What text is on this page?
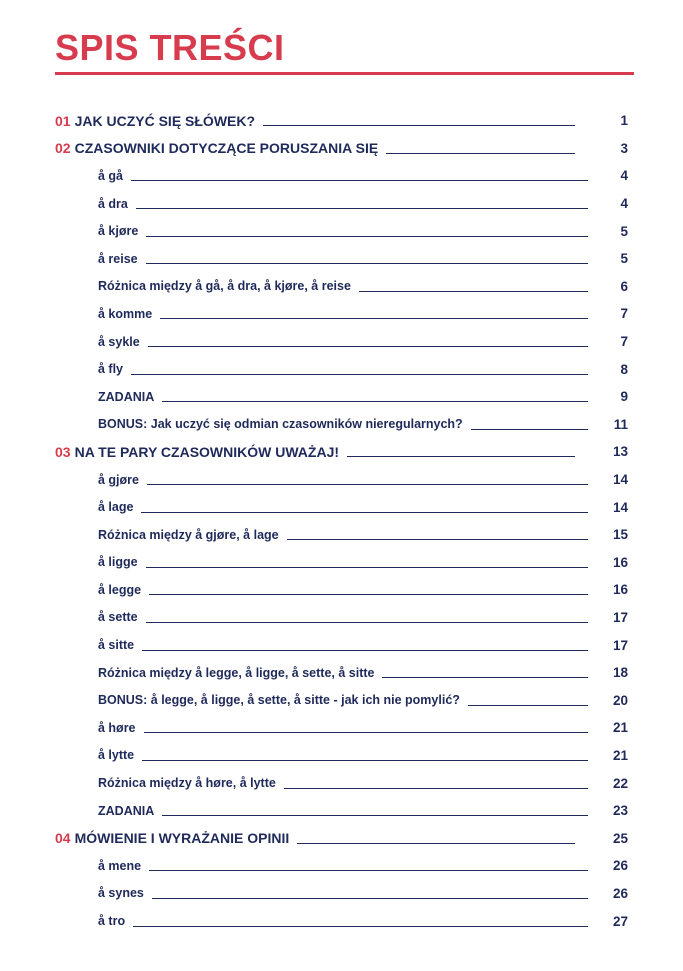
SPIS TREŚCI
01 JAK UCZYĆ SIĘ SŁÓWEK?	1
02 CZASOWNIKI DOTYCZĄCE PORUSZANIA SIĘ	3
å gå	4
å dra	4
å kjøre	5
å reise	5
Różnica między å gå, å dra, å kjøre, å reise	6
å komme	7
å sykle	7
å fly	8
ZADANIA	9
BONUS: Jak uczyć się odmian czasowników nieregularnych?	11
03 NA TE PARY CZASOWNIKÓW UWAŻAJ!	13
å gjøre	14
å lage	14
Różnica między å gjøre, å lage	15
å ligge	16
å legge	16
å sette	17
å sitte	17
Różnica między å legge, å ligge, å sette, å sitte	18
BONUS: å legge, å ligge, å sette, å sitte - jak ich nie pomylić?	20
å høre	21
å lytte	21
Różnica między å høre, å lytte	22
ZADANIA	23
04 MÓWIENIE I WYRAŻANIE OPINII	25
å mene	26
å synes	26
å tro	27
